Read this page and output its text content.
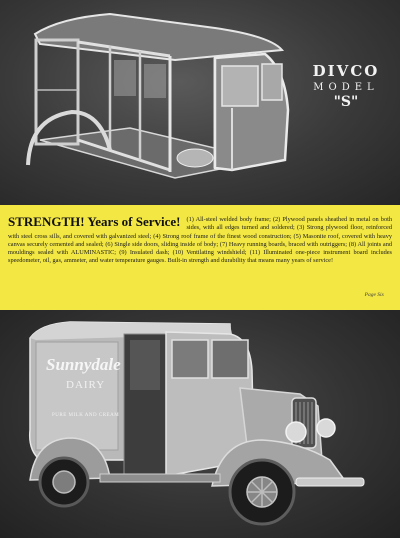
DIVCO
MODEL
"S"

STRENGTH! Years of Service! (1) All-steel welded body frame; (2) Plywood panels sheathed in metal on both sides, with all edges turned and soldered; (3) Strong plywood floor, reinforced with steel cross sills, and covered with galvanized steel; (4) Strong roof frame of the finest wood construction; (5) Masonite roof, covered with heavy canvas securely cemented and sealed; (6) Single side doors, sliding inside of body; (7) Heavy running boards, braced with outriggers; (8) All joints and mouldings sealed with ALUMINASTIC; (9) Insulated dash; (10) Ventilating windshield; (11) Illuminated one-piece instrument board includes speedometer, oil, gas, ammeter, and water temperature gauges. Built-in strength and durability that means many years of service!

Page Six
Sunnydale
DAIRY
PURE MILK AND CREAM
